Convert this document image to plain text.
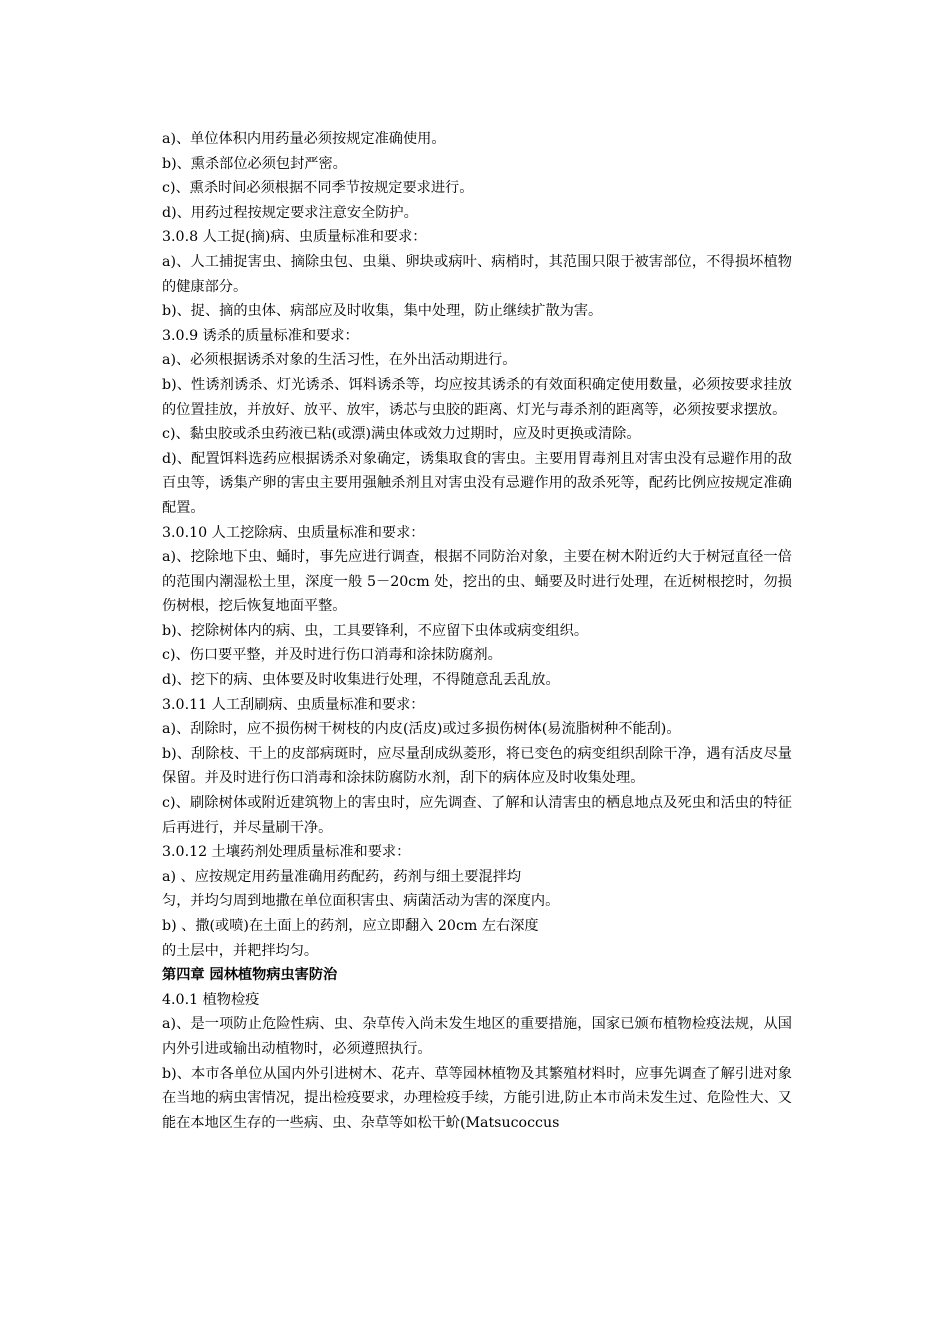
a)、单位体积内用药量必须按规定准确使用。

b)、熏杀部位必须包封严密。

c)、熏杀时间必须根据不同季节按规定要求进行。

d)、用药过程按规定要求注意安全防护。

3.0.8 人工捉(摘)病、虫质量标准和要求：

a)、人工捕捉害虫、摘除虫包、虫巢、卵块或病叶、病梢时，其范围只限于被害部位，不得损坏植物的健康部分。

b)、捉、摘的虫体、病部应及时收集，集中处理，防止继续扩散为害。

3.0.9 诱杀的质量标准和要求：

a)、必须根据诱杀对象的生活习性，在外出活动期进行。

b)、性诱剂诱杀、灯光诱杀、饵料诱杀等，均应按其诱杀的有效面积确定使用数量，必须按要求挂放的位置挂放，并放好、放平、放牢，诱芯与虫胶的距离、灯光与毒杀剂的距离等，必须按要求摆放。

c)、黏虫胶或杀虫药液已粘(或漂)满虫体或效力过期时，应及时更换或清除。

d)、配置饵料选药应根据诱杀对象确定，诱集取食的害虫。主要用胃毒剂且对害虫没有忌避作用的敌百虫等，诱集产卵的害虫主要用强触杀剂且对害虫没有忌避作用的敌杀死等，配药比例应按规定准确配置。

3.0.10 人工挖除病、虫质量标准和要求：

a)、挖除地下虫、蛹时，事先应进行调查，根据不同防治对象，主要在树木附近约大于树冠直径一倍的范围内潮湿松土里，深度一般 5－20cm 处，挖出的虫、蛹要及时进行处理，在近树根挖时，勿损伤树根，挖后恢复地面平整。

b)、挖除树体内的病、虫，工具要锋利，不应留下虫体或病变组织。

c)、伤口要平整，并及时进行伤口消毒和涂抹防腐剂。

d)、挖下的病、虫体要及时收集进行处理，不得随意乱丢乱放。

3.0.11 人工刮刷病、虫质量标准和要求：

a)、刮除时，应不损伤树干树枝的内皮(活皮)或过多损伤树体(易流脂树种不能刮)。

b)、刮除枝、干上的皮部病斑时，应尽量刮成纵菱形，将已变色的病变组织刮除干净，遇有活皮尽量保留。并及时进行伤口消毒和涂抹防腐防水剂，刮下的病体应及时收集处理。

c)、刷除树体或附近建筑物上的害虫时，应先调查、了解和认清害虫的栖息地点及死虫和活虫的特征后再进行，并尽量刷干净。

3.0.12 土壤药剂处理质量标准和要求：

a) 、应按规定用药量准确用药配药，药剂与细土要混拌均

匀，并均匀周到地撒在单位面积害虫、病菌活动为害的深度内。

b) 、撒(或喷)在土面上的药剂，应立即翻入 20cm 左右深度

的土层中，并耙拌均匀。

第四章 园林植物病虫害防治

4.0.1 植物检疫

a)、是一项防止危险性病、虫、杂草传入尚未发生地区的重要措施，国家已颁布植物检疫法规，从国内外引进或输出动植物时，必须遵照执行。

b)、本市各单位从国内外引进树木、花卉、草等园林植物及其繁殖材料时，应事先调查了解引进对象在当地的病虫害情况，提出检疫要求，办理检疫手续，方能引进,防止本市尚未发生过、危险性大、又能在本地区生存的一些病、虫、杂草等如松干蚧(Matsucoccus
